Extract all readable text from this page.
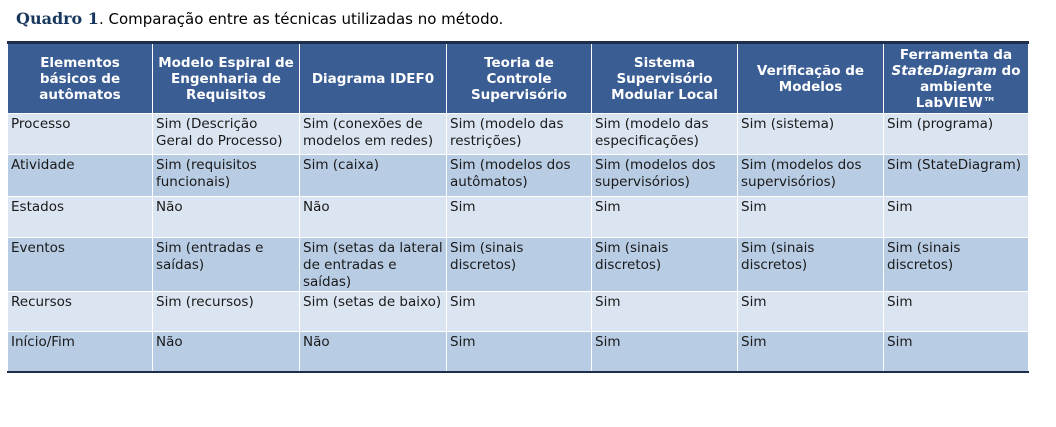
Quadro 1. Comparação entre as técnicas utilizadas no método.
Elementos básicos de autômatos	Modelo Espiral de Engenharia de Requisitos	Diagrama IDEF0	Teoria de Controle Supervisório	Sistema Supervisório Modular Local	Verificação de Modelos	Ferramenta da StateDiagram do ambiente LabVIEW™
Processo	Sim (Descrição Geral do Processo)	Sim (conexões de modelos em redes)	Sim (modelo das restrições)	Sim (modelo das especificações)	Sim (sistema)	Sim (programa)
Atividade	Sim (requisitos funcionais)	Sim (caixa)	Sim (modelos dos autômatos)	Sim (modelos dos supervisórios)	Sim (modelos dos supervisórios)	Sim (StateDiagram)
Estados	Não	Não	Sim	Sim	Sim	Sim
Eventos	Sim (entradas e saídas)	Sim (setas da lateral de entradas e saídas)	Sim (sinais discretos)	Sim (sinais discretos)	Sim (sinais discretos)	Sim (sinais discretos)
Recursos	Sim (recursos)	Sim (setas de baixo)	Sim	Sim	Sim	Sim
Início/Fim	Não	Não	Sim	Sim	Sim	Sim
